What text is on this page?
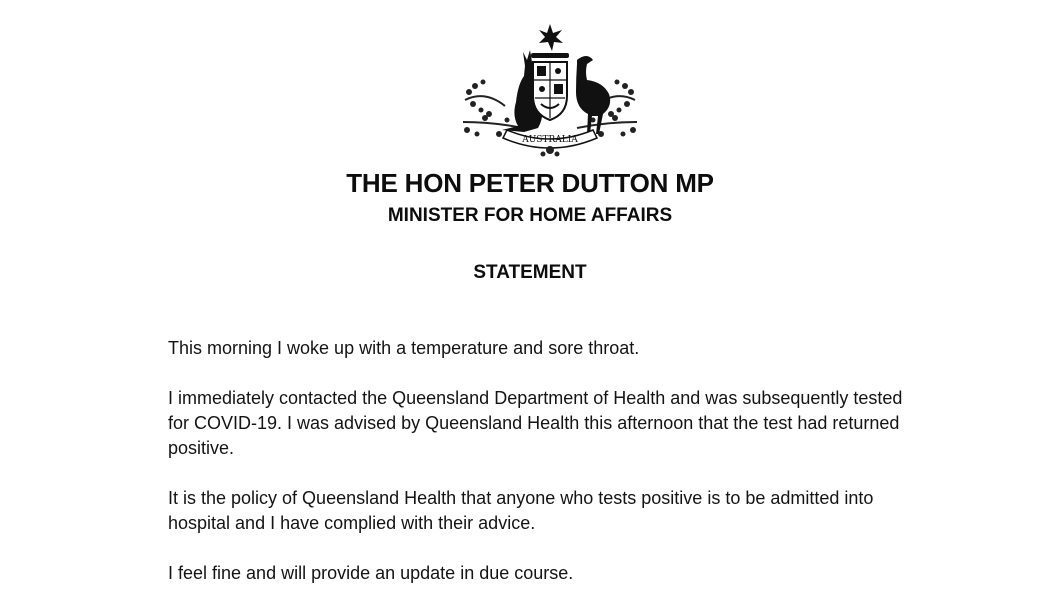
AUSTRALIA
THE HON PETER DUTTON MP
MINISTER FOR HOME AFFAIRS
STATEMENT

This morning I woke up with a temperature and sore throat.

I immediately contacted the Queensland Department of Health and was subsequently tested for COVID-19. I was advised by Queensland Health this afternoon that the test had returned positive.

It is the policy of Queensland Health that anyone who tests positive is to be admitted into hospital and I have complied with their advice.

I feel fine and will provide an update in due course.
